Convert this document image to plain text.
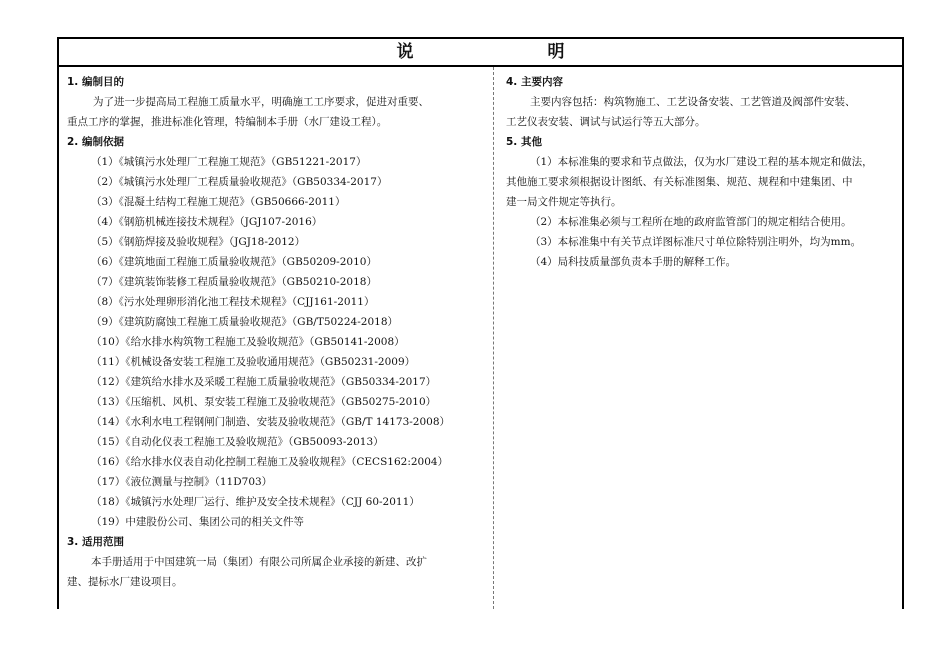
说 明
1. 编制目的
为了进一步提高局工程施工质量水平，明确施工工序要求，促进对重要、
重点工序的掌握，推进标准化管理，特编制本手册（水厂建设工程）。
2. 编制依据
（1）《城镇污水处理厂工程施工规范》（GB51221-2017）
（2）《城镇污水处理厂工程质量验收规范》（GB50334-2017）
（3）《混凝土结构工程施工规范》（GB50666-2011）
（4）《钢筋机械连接技术规程》（JGJ107-2016）
（5）《钢筋焊接及验收规程》（JGJ18-2012）
（6）《建筑地面工程施工质量验收规范》（GB50209-2010）
（7）《建筑装饰装修工程质量验收规范》（GB50210-2018）
（8）《污水处理卵形消化池工程技术规程》（CJJ161-2011）
（9）《建筑防腐蚀工程施工质量验收规范》（GB/T50224-2018）
（10）《给水排水构筑物工程施工及验收规范》（GB50141-2008）
（11）《机械设备安装工程施工及验收通用规范》（GB50231-2009）
（12）《建筑给水排水及采暖工程施工质量验收规范》（GB50334-2017）
（13）《压缩机、风机、泵安装工程施工及验收规范》（GB50275-2010）
（14）《水利水电工程钢闸门制造、安装及验收规范》（GB/T 14173-2008）
（15）《自动化仪表工程施工及验收规范》（GB50093-2013）
（16）《给水排水仪表自动化控制工程施工及验收规程》（CECS162:2004）
（17）《液位测量与控制》（11D703）
（18）《城镇污水处理厂运行、维护及安全技术规程》（CJJ 60-2011）
（19）中建股份公司、集团公司的相关文件等
3. 适用范围
本手册适用于中国建筑一局（集团）有限公司所属企业承接的新建、改扩
建、提标水厂建设项目。
4. 主要内容
主要内容包括：构筑物施工、工艺设备安装、工艺管道及阀部件安装、
工艺仪表安装、调试与试运行等五大部分。
5. 其他
（1）本标准集的要求和节点做法，仅为水厂建设工程的基本规定和做法，
其他施工要求须根据设计图纸、有关标准图集、规范、规程和中建集团、中
建一局文件规定等执行。
（2）本标准集必须与工程所在地的政府监管部门的规定相结合使用。
（3）本标准集中有关节点详图标准尺寸单位除特别注明外，均为mm。
（4）局科技质量部负责本手册的解释工作。
